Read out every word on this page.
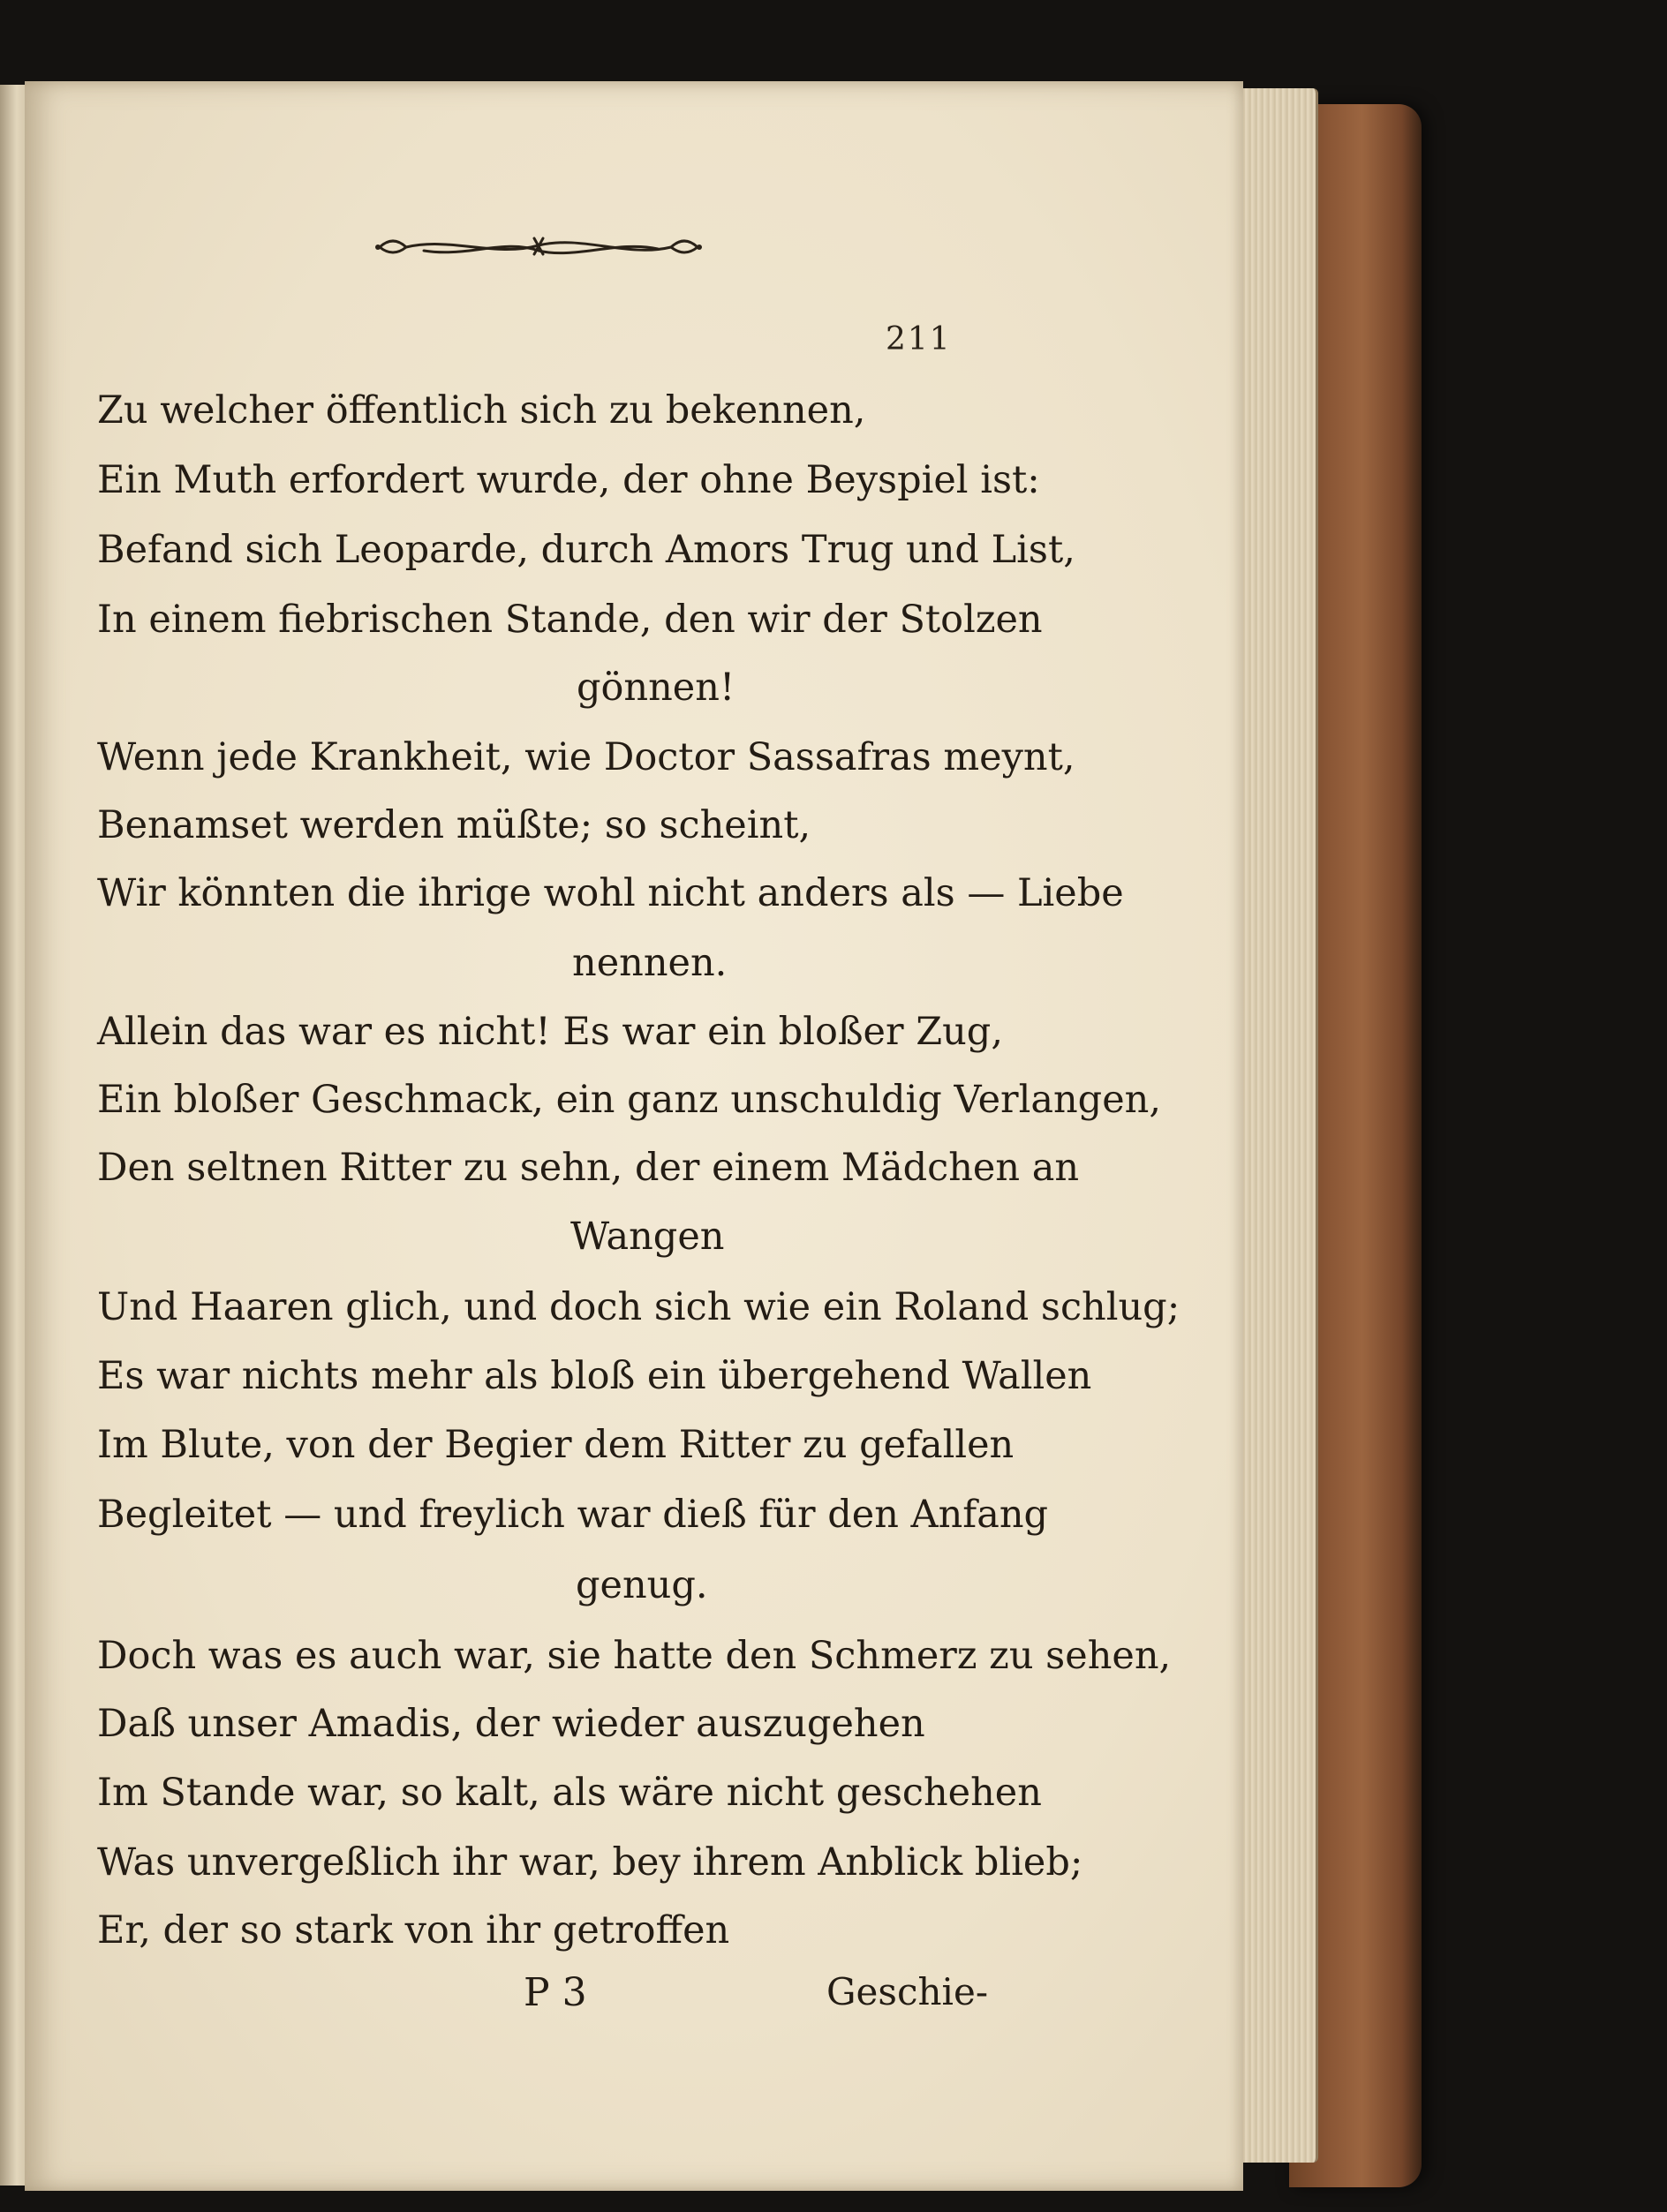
211
Zu welcher öffentlich sich zu bekennen,
Ein Muth erfordert wurde, der ohne Beyspiel ist:
Befand sich Leoparde, durch Amors Trug und List,
In einem fiebrischen Stande, den wir der Stolzen
gönnen!
Wenn jede Krankheit, wie Doctor Sassafras meynt,
Benamset werden müßte; so scheint,
Wir könnten die ihrige wohl nicht anders als — Liebe
nennen.
Allein das war es nicht! Es war ein bloßer Zug,
Ein bloßer Geschmack, ein ganz unschuldig Verlangen,
Den seltnen Ritter zu sehn, der einem Mädchen an
Wangen
Und Haaren glich, und doch sich wie ein Roland schlug;
Es war nichts mehr als bloß ein übergehend Wallen
Im Blute, von der Begier dem Ritter zu gefallen
Begleitet — und freylich war dieß für den Anfang
genug.
Doch was es auch war, sie hatte den Schmerz zu sehen,
Daß unser Amadis, der wieder auszugehen
Im Stande war, so kalt, als wäre nicht geschehen
Was unvergeßlich ihr war, bey ihrem Anblick blieb;
Er, der so stark von ihr getroffen
P 3	Geschie-
